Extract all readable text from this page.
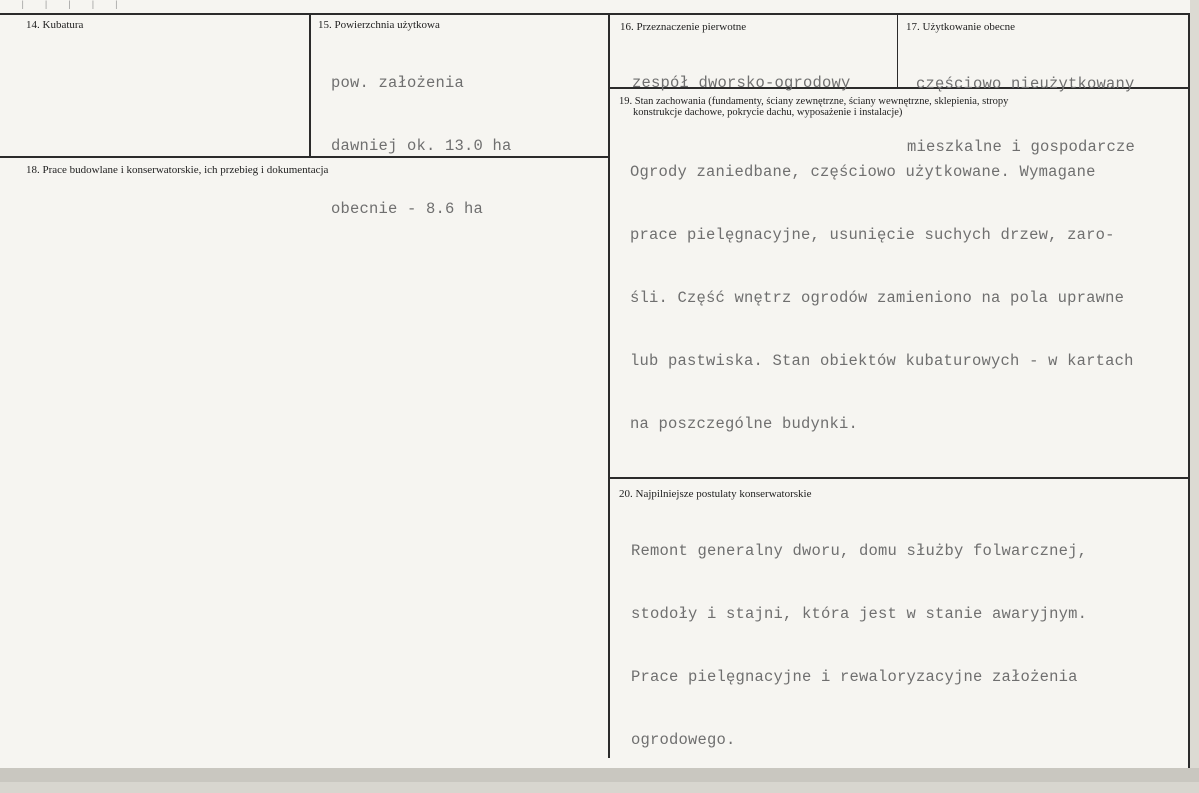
|||||
14. Kubatura	15. Powierzchnia użytkowa

pow. założenia

dawniej ok. 13.0 ha

obecnie - 8.6 ha

16. Przeznaczenie pierwotne

zespół dworsko-ogrodowy

17. Użytkowanie obecne

częściowo nieużytkowany

mieszkalne i gospodarcze

18. Prace budowlane i konserwatorskie, ich przebieg i dokumentacja
19. Stan zachowania (fundamenty, ściany zewnętrzne, ściany wewnętrzne, sklepienia, stropy
konstrukcje dachowe, pokrycie dachu, wyposażenie i instalacje)

Ogrody zaniedbane, częściowo użytkowane. Wymagane

prace pielęgnacyjne, usunięcie suchych drzew, zaro-

śli. Część wnętrz ogrodów zamieniono na pola uprawne

lub pastwiska. Stan obiektów kubaturowych - w kartach

na poszczególne budynki.

20. Najpilniejsze postulaty konserwatorskie

Remont generalny dworu, domu służby folwarcznej,

stodoły i stajni, która jest w stanie awaryjnym.

Prace pielęgnacyjne i rewaloryzacyjne założenia

ogrodowego.
